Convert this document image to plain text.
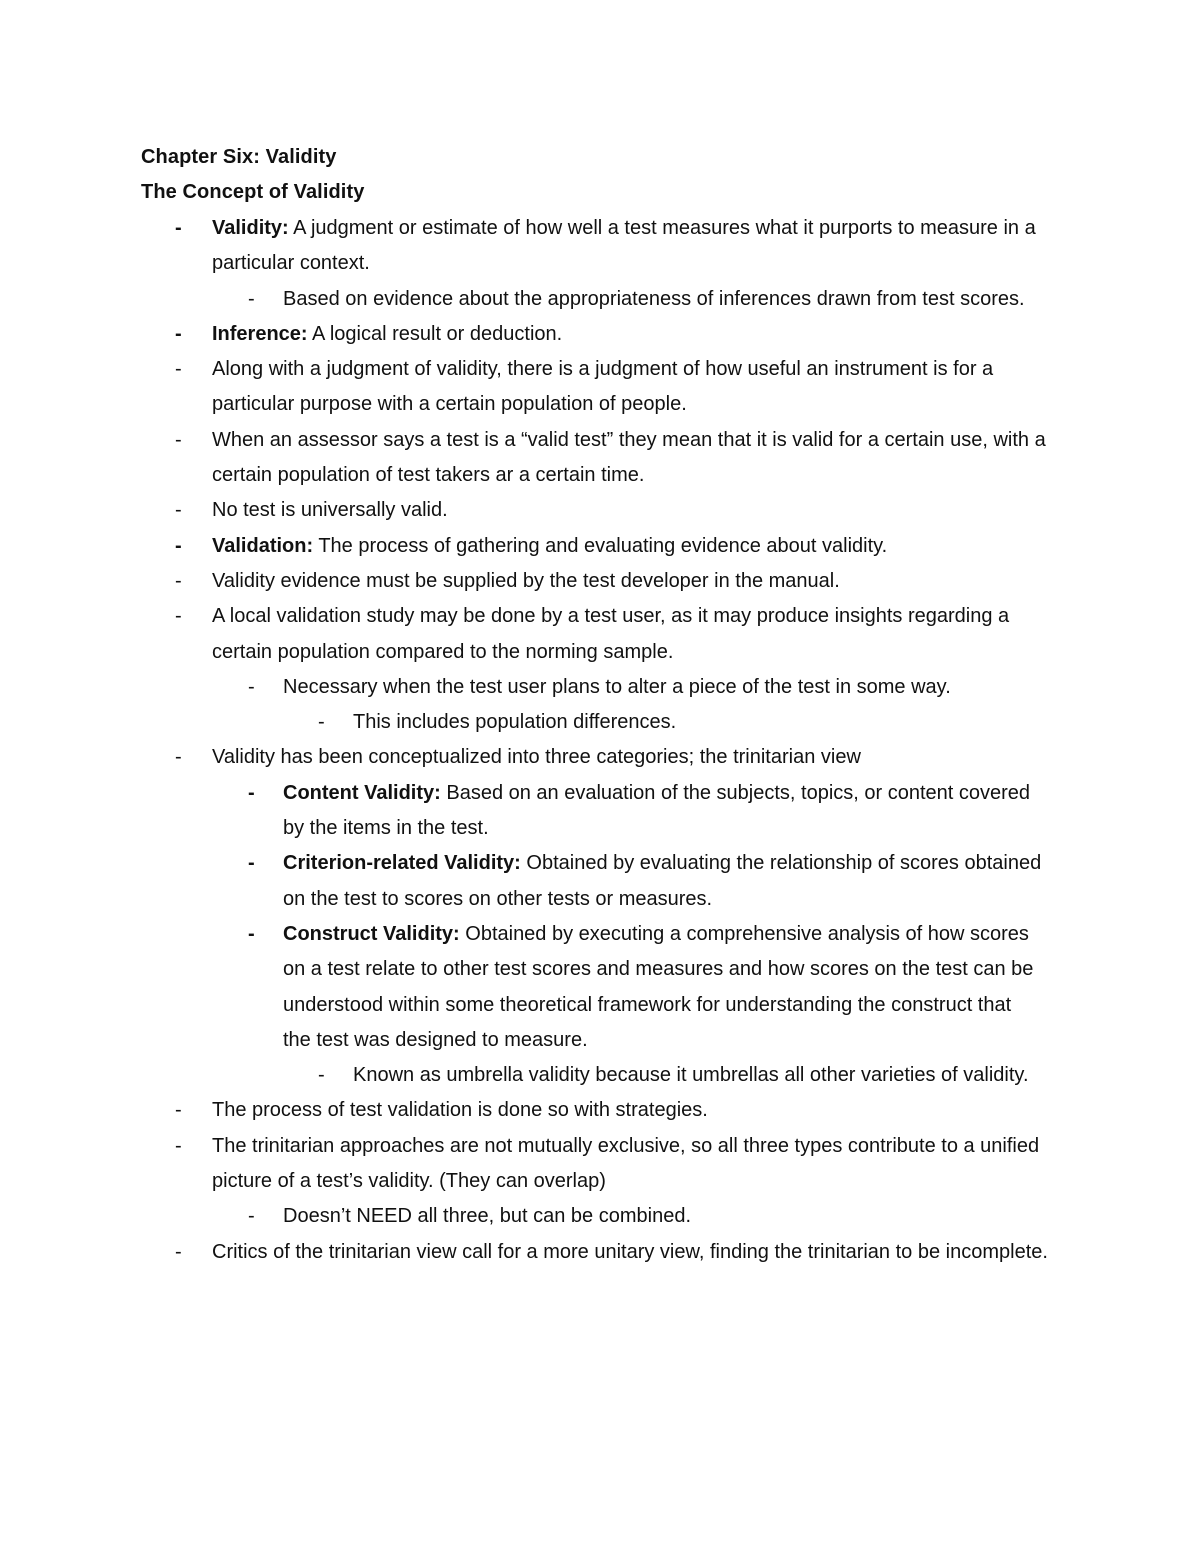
Chapter Six: Validity
The Concept of Validity
-	Validity: A judgment or estimate of how well a test measures what it purports to measure in a particular context.
-	Based on evidence about the appropriateness of inferences drawn from test scores.
-	Inference: A logical result or deduction.
-	Along with a judgment of validity, there is a judgment of how useful an instrument is for a particular purpose with a certain population of people.
-	When an assessor says a test is a “valid test” they mean that it is valid for a certain use, with a certain population of test takers ar a certain time.
-	No test is universally valid.
-	Validation: The process of gathering and evaluating evidence about validity.
-	Validity evidence must be supplied by the test developer in the manual.
-	A local validation study may be done by a test user, as it may produce insights regarding a certain population compared to the norming sample.
-	Necessary when the test user plans to alter a piece of the test in some way.
-	This includes population differences.
-	Validity has been conceptualized into three categories; the trinitarian view
-	Content Validity: Based on an evaluation of the subjects, topics, or content covered by the items in the test.
-	Criterion-related Validity: Obtained by evaluating the relationship of scores obtained on the test to scores on other tests or measures.
-	Construct Validity: Obtained by executing a comprehensive analysis of how scores on a test relate to other test scores and measures and how scores on the test can be understood within some theoretical framework for understanding the construct that the test was designed to measure.
-	Known as umbrella validity because it umbrellas all other varieties of validity.
-	The process of test validation is done so with strategies.
-	The trinitarian approaches are not mutually exclusive, so all three types contribute to a unified picture of a test’s validity. (They can overlap)
-	Doesn’t NEED all three, but can be combined.
-	Critics of the trinitarian view call for a more unitary view, finding the trinitarian to be incomplete.
